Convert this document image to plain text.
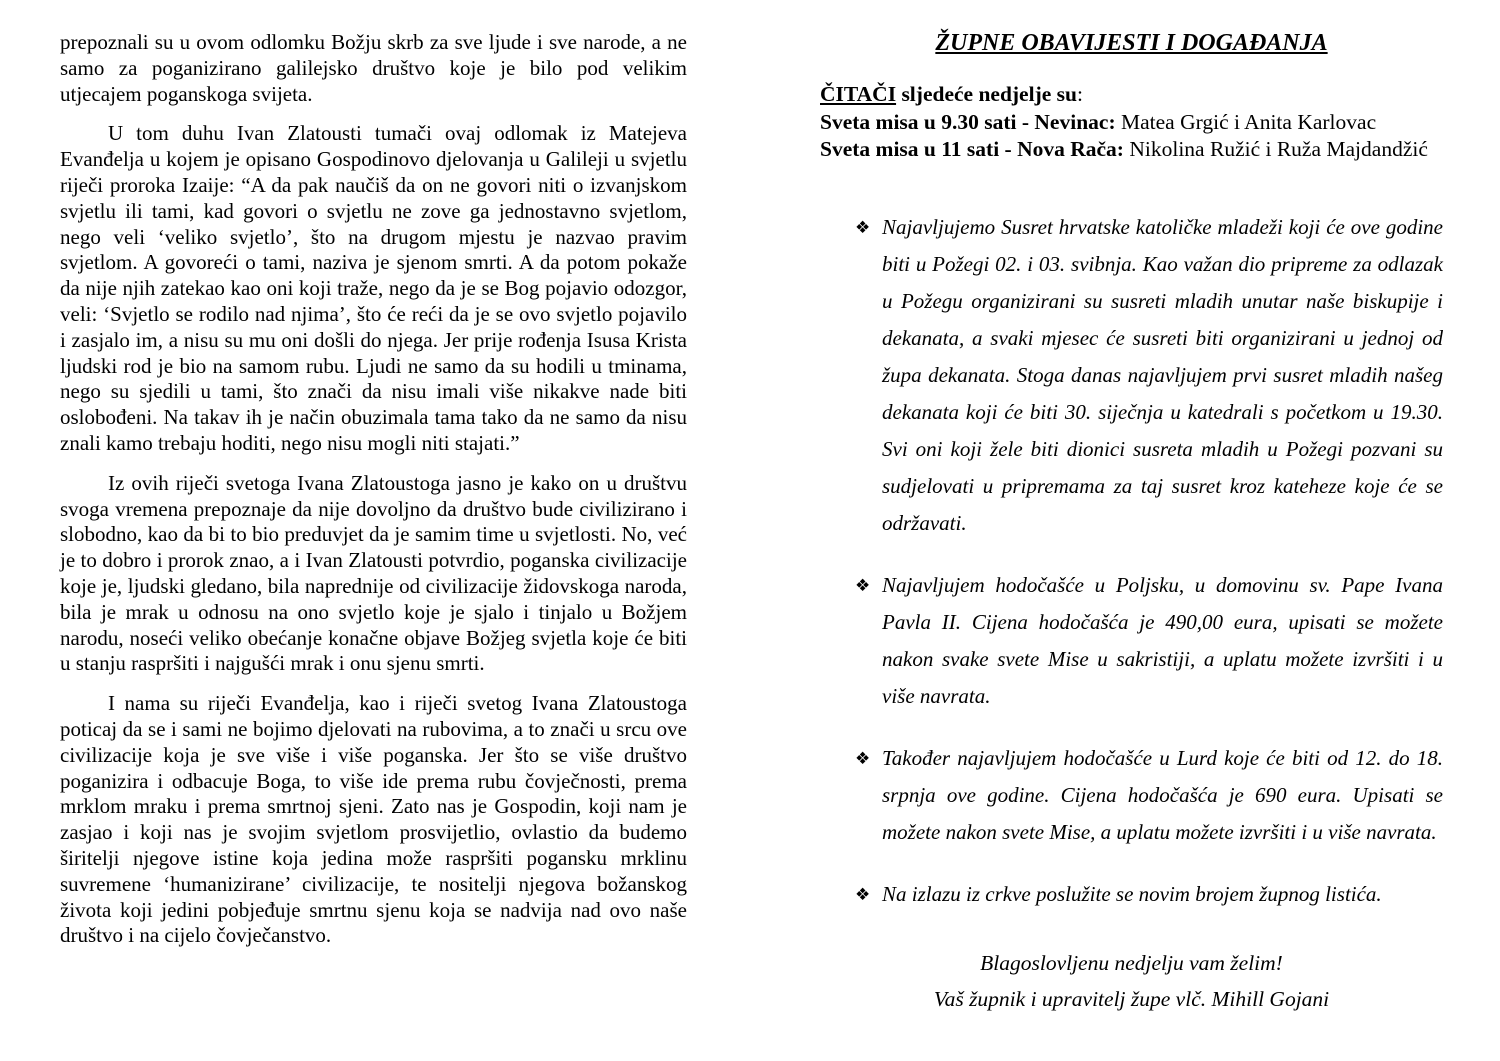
prepoznali su u ovom odlomku Božju skrb za sve ljude i sve narode, a ne samo za poganizirano galilejsko društvo koje je bilo pod velikim utjecajem poganskoga svijeta.

U tom duhu Ivan Zlatousti tumači ovaj odlomak iz Matejeva Evanđelja u kojem je opisano Gospodinovo djelovanja u Galileji u svjetlu riječi proroka Izaije: “A da pak naučiš da on ne govori niti o izvanjskom svjetlu ili tami, kad govori o svjetlu ne zove ga jednostavno svjetlom, nego veli ‘veliko svjetlo’, što na drugom mjestu je nazvao pravim svjetlom. A govoreći o tami, naziva je sjenom smrti. A da potom pokaže da nije njih zatekao kao oni koji traže, nego da je se Bog pojavio odozgor, veli: ‘Svjetlo se rodilo nad njima’, što će reći da je se ovo svjetlo pojavilo i zasjalo im, a nisu su mu oni došli do njega. Jer prije rođenja Isusa Krista ljudski rod je bio na samom rubu. Ljudi ne samo da su hodili u tminama, nego su sjedili u tami, što znači da nisu imali više nikakve nade biti oslobođeni. Na takav ih je način obuzimala tama tako da ne samo da nisu znali kamo trebaju hoditi, nego nisu mogli niti stajati.”

Iz ovih riječi svetoga Ivana Zlatoustoga jasno je kako on u društvu svoga vremena prepoznaje da nije dovoljno da društvo bude civilizirano i slobodno, kao da bi to bio preduvjet da je samim time u svjetlosti. No, već je to dobro i prorok znao, a i Ivan Zlatousti potvrdio, poganska civilizacije koje je, ljudski gledano, bila naprednije od civilizacije židovskoga naroda, bila je mrak u odnosu na ono svjetlo koje je sjalo i tinjalo u Božjem narodu, noseći veliko obećanje konačne objave Božjeg svjetla koje će biti u stanju raspršiti i najgušći mrak i onu sjenu smrti.

I nama su riječi Evanđelja, kao i riječi svetog Ivana Zlatoustoga poticaj da se i sami ne bojimo djelovati na rubovima, a to znači u srcu ove civilizacije koja je sve više i više poganska. Jer što se više društvo poganizira i odbacuje Boga, to više ide prema rubu čovječnosti, prema mrklom mraku i prema smrtnoj sjeni. Zato nas je Gospodin, koji nam je zasjao i koji nas je svojim svjetlom prosvijetlio, ovlastio da budemo širitelji njegove istine koja jedina može raspršiti pogansku mrklinu suvremene ‘humanizirane’ civilizacije, te nositelji njegova božanskog života koji jedini pobjeđuje smrtnu sjenu koja se nadvija nad ovo naše društvo i na cijelo čovječanstvo.

ŽUPNE OBAVIJESTI I DOGAĐANJA
ČITAČI sljedeće nedjelje su:
Sveta misa u 9.30 sati - Nevinac: Matea Grgić i Anita Karlovac
Sveta misa u 11 sati - Nova Rača: Nikolina Ružić i Ruža Majdandžić
❖ Najavljujemo Susret hrvatske katoličke mladeži koji će ove godine biti u Požegi 02. i 03. svibnja. Kao važan dio pripreme za odlazak u Požegu organizirani su susreti mladih unutar naše biskupije i dekanata, a svaki mjesec će susreti biti organizirani u jednoj od župa dekanata. Stoga danas najavljujem prvi susret mladih našeg dekanata koji će biti 30. siječnja u katedrali s početkom u 19.30. Svi oni koji žele biti dionici susreta mladih u Požegi pozvani su sudjelovati u pripremama za taj susret kroz kateheze koje će se održavati.
❖ Najavljujem hodočašće u Poljsku, u domovinu sv. Pape Ivana Pavla II. Cijena hodočašća je 490,00 eura, upisati se možete nakon svake svete Mise u sakristiji, a uplatu možete izvršiti i u više navrata.
❖ Također najavljujem hodočašće u Lurd koje će biti od 12. do 18. srpnja ove godine. Cijena hodočašća je 690 eura. Upisati se možete nakon svete Mise, a uplatu možete izvršiti i u više navrata.
❖ Na izlazu iz crkve poslužite se novim brojem župnog listića.
Blagoslovljenu nedjelju vam želim!
Vaš župnik i upravitelj župe vlč. Mihill Gojani
